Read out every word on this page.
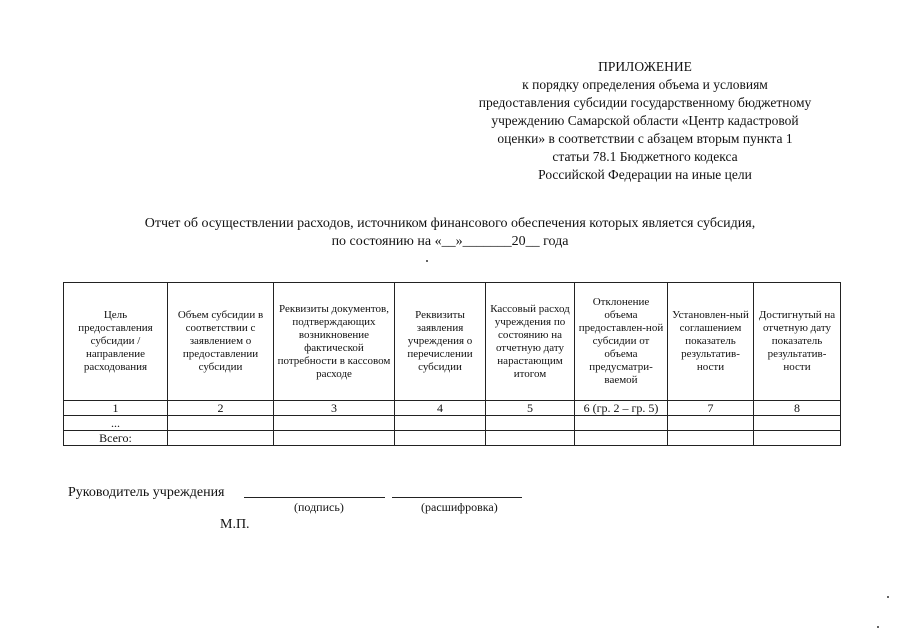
ПРИЛОЖЕНИЕ
к порядку определения объема и условиям
предоставления субсидии государственному бюджетному
учреждению Самарской области «Центр кадастровой
оценки» в соответствии с абзацем вторым пункта 1
статьи 78.1 Бюджетного кодекса
Российской Федерации на иные цели
Отчет об осуществлении расходов, источником финансового обеспечения которых является субсидия,
по состоянию на «__»_______20__ года
Цель предоставления субсидии / направление расходования	Объем субсидии в соответствии с заявлением о предоставлении субсидии	Реквизиты документов, подтверждающих возникновение фактической потребности в кассовом расходе	Реквизиты заявления учреждения о перечислении субсидии	Кассовый расход учреждения по состоянию на отчетную дату нарастающим итогом	Отклонение объема предоставлен-ной субсидии от объема предусматри-ваемой	Установлен-ный соглашением показатель результатив-ности	Достигнутый на отчетную дату показатель результатив-ности
1	2	3	4	5	6 (гр. 2 – гр. 5)	7	8
...							
Всего:							
Руководитель учреждения
(подпись)	(расшифровка)
М.П.
